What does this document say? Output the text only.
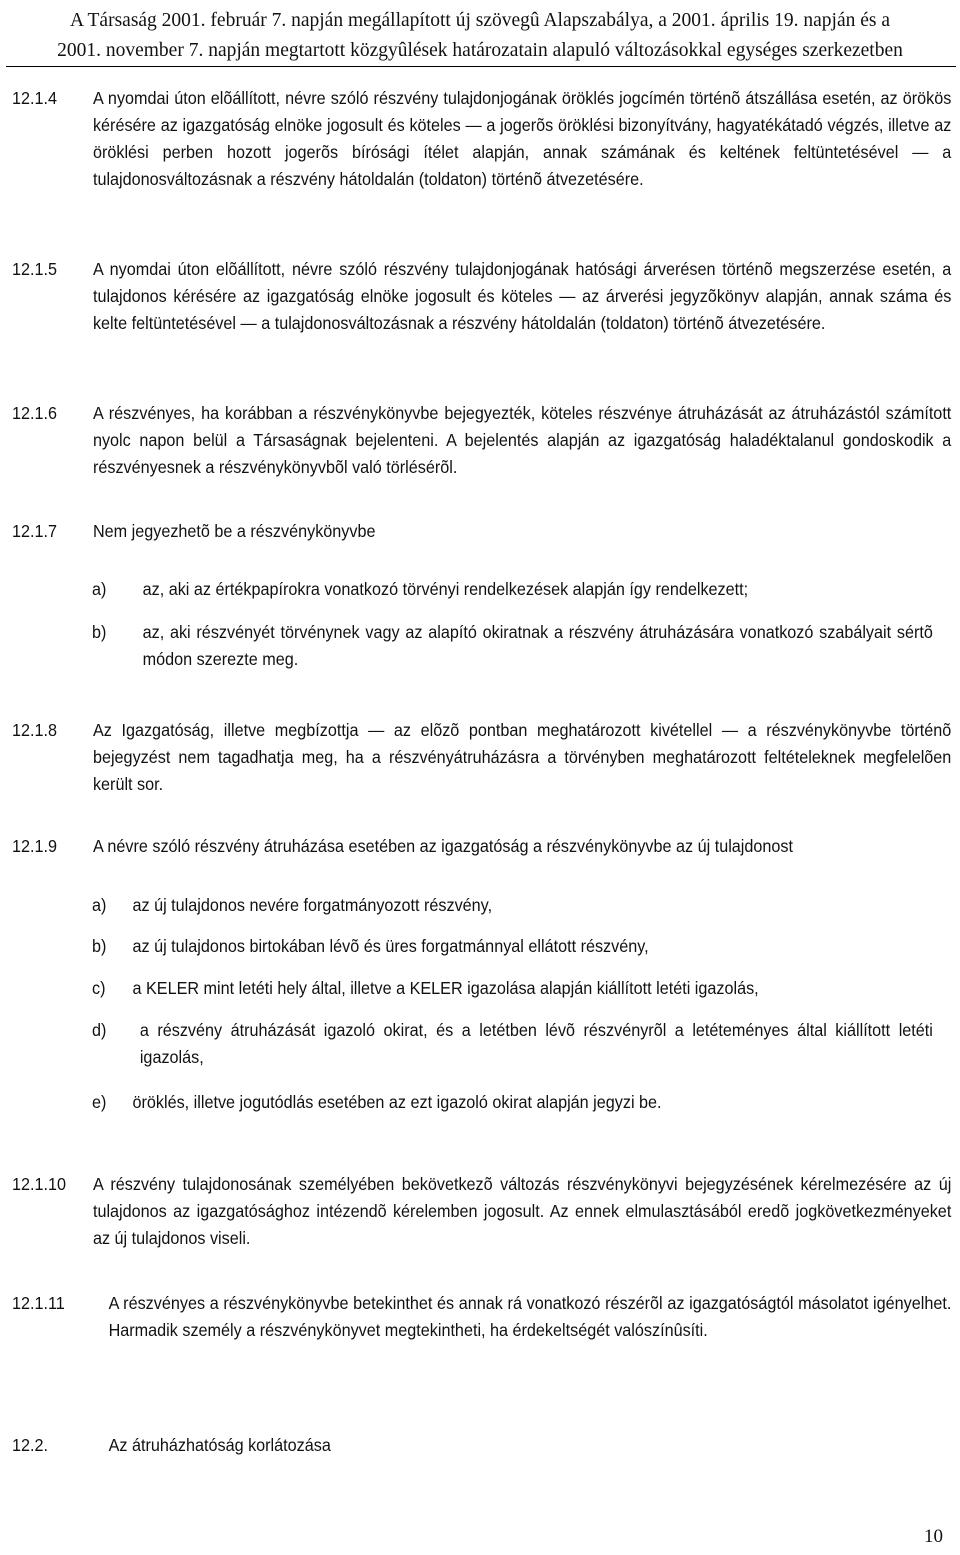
A Társaság 2001. február 7. napján megállapított új szövegû Alapszabálya, a 2001. április 19. napján és a
2001. november 7. napján megtartott közgyûlések határozatain alapuló változásokkal egységes szerkezetben
12.1.4 A nyomdai úton elõállított, névre szóló részvény tulajdonjogának öröklés jogcímén történõ átszállása esetén, az örökös kérésére az igazgatóság elnöke jogosult és köteles — a jogerõs öröklési bizonyítvány, hagyatékátadó végzés, illetve az öröklési perben hozott jogerõs bírósági ítélet alapján, annak számának és keltének feltüntetésével — a tulajdonosváltozásnak a részvény hátoldalán (toldaton) történõ átvezetésére.
12.1.5 A nyomdai úton elõállított, névre szóló részvény tulajdonjogának hatósági árverésen történõ megszerzése esetén, a tulajdonos kérésére az igazgatóság elnöke jogosult és köteles — az árverési jegyzõkönyv alapján, annak száma és kelte feltüntetésével — a tulajdonosváltozásnak a részvény hátoldalán (toldaton) történõ átvezetésére.
12.1.6 A részvényes, ha korábban a részvénykönyvbe bejegyezték, köteles részvénye átruházását az átruházástól számított nyolc napon belül a Társaságnak bejelenteni. A bejelentés alapján az igazgatóság haladéktalanul gondoskodik a részvényesnek a részvénykönyvbõl való törlésérõl.
12.1.7 Nem jegyezhetõ be a részvénykönyvbe
a) az, aki az értékpapírokra vonatkozó törvényi rendelkezések alapján így rendelkezett;
b) az, aki részvényét törvénynek vagy az alapító okiratnak a részvény átruházására vonatkozó szabályait sértõ módon szerezte meg.
12.1.8 Az Igazgatóság, illetve megbízottja — az elõzõ pontban meghatározott kivétellel — a részvénykönyvbe történõ bejegyzést nem tagadhatja meg, ha a részvényátruházásra a törvényben meghatározott feltételeknek megfelelõen került sor.
12.1.9 A névre szóló részvény átruházása esetében az igazgatóság a részvénykönyvbe az új tulajdonost
a) az új tulajdonos nevére forgatmányozott részvény,
b) az új tulajdonos birtokában lévõ és üres forgatmánnyal ellátott részvény,
c) a KELER mint letéti hely által, illetve a KELER igazolása alapján kiállított letéti igazolás,
d) a részvény átruházását igazoló okirat, és a letétben lévõ részvényrõl a letéteményes által kiállított letéti igazolás,
e) öröklés, illetve jogutódlás esetében az ezt igazoló okirat alapján jegyzi be.
12.1.10 A részvény tulajdonosának személyében bekövetkezõ változás részvénykönyvi bejegyzésének kérelmezésére az új tulajdonos az igazgatósághoz intézendõ kérelemben jogosult. Az ennek elmulasztásából eredõ jogkövetkezményeket az új tulajdonos viseli.
12.1.11 A részvényes a részvénykönyvbe betekinthet és annak rá vonatkozó részérõl az igazgatóságtól másolatot igényelhet. Harmadik személy a részvénykönyvet megtekintheti, ha érdekeltségét valószínûsíti.
12.2.	Az átruházhatóság korlátozása
10
